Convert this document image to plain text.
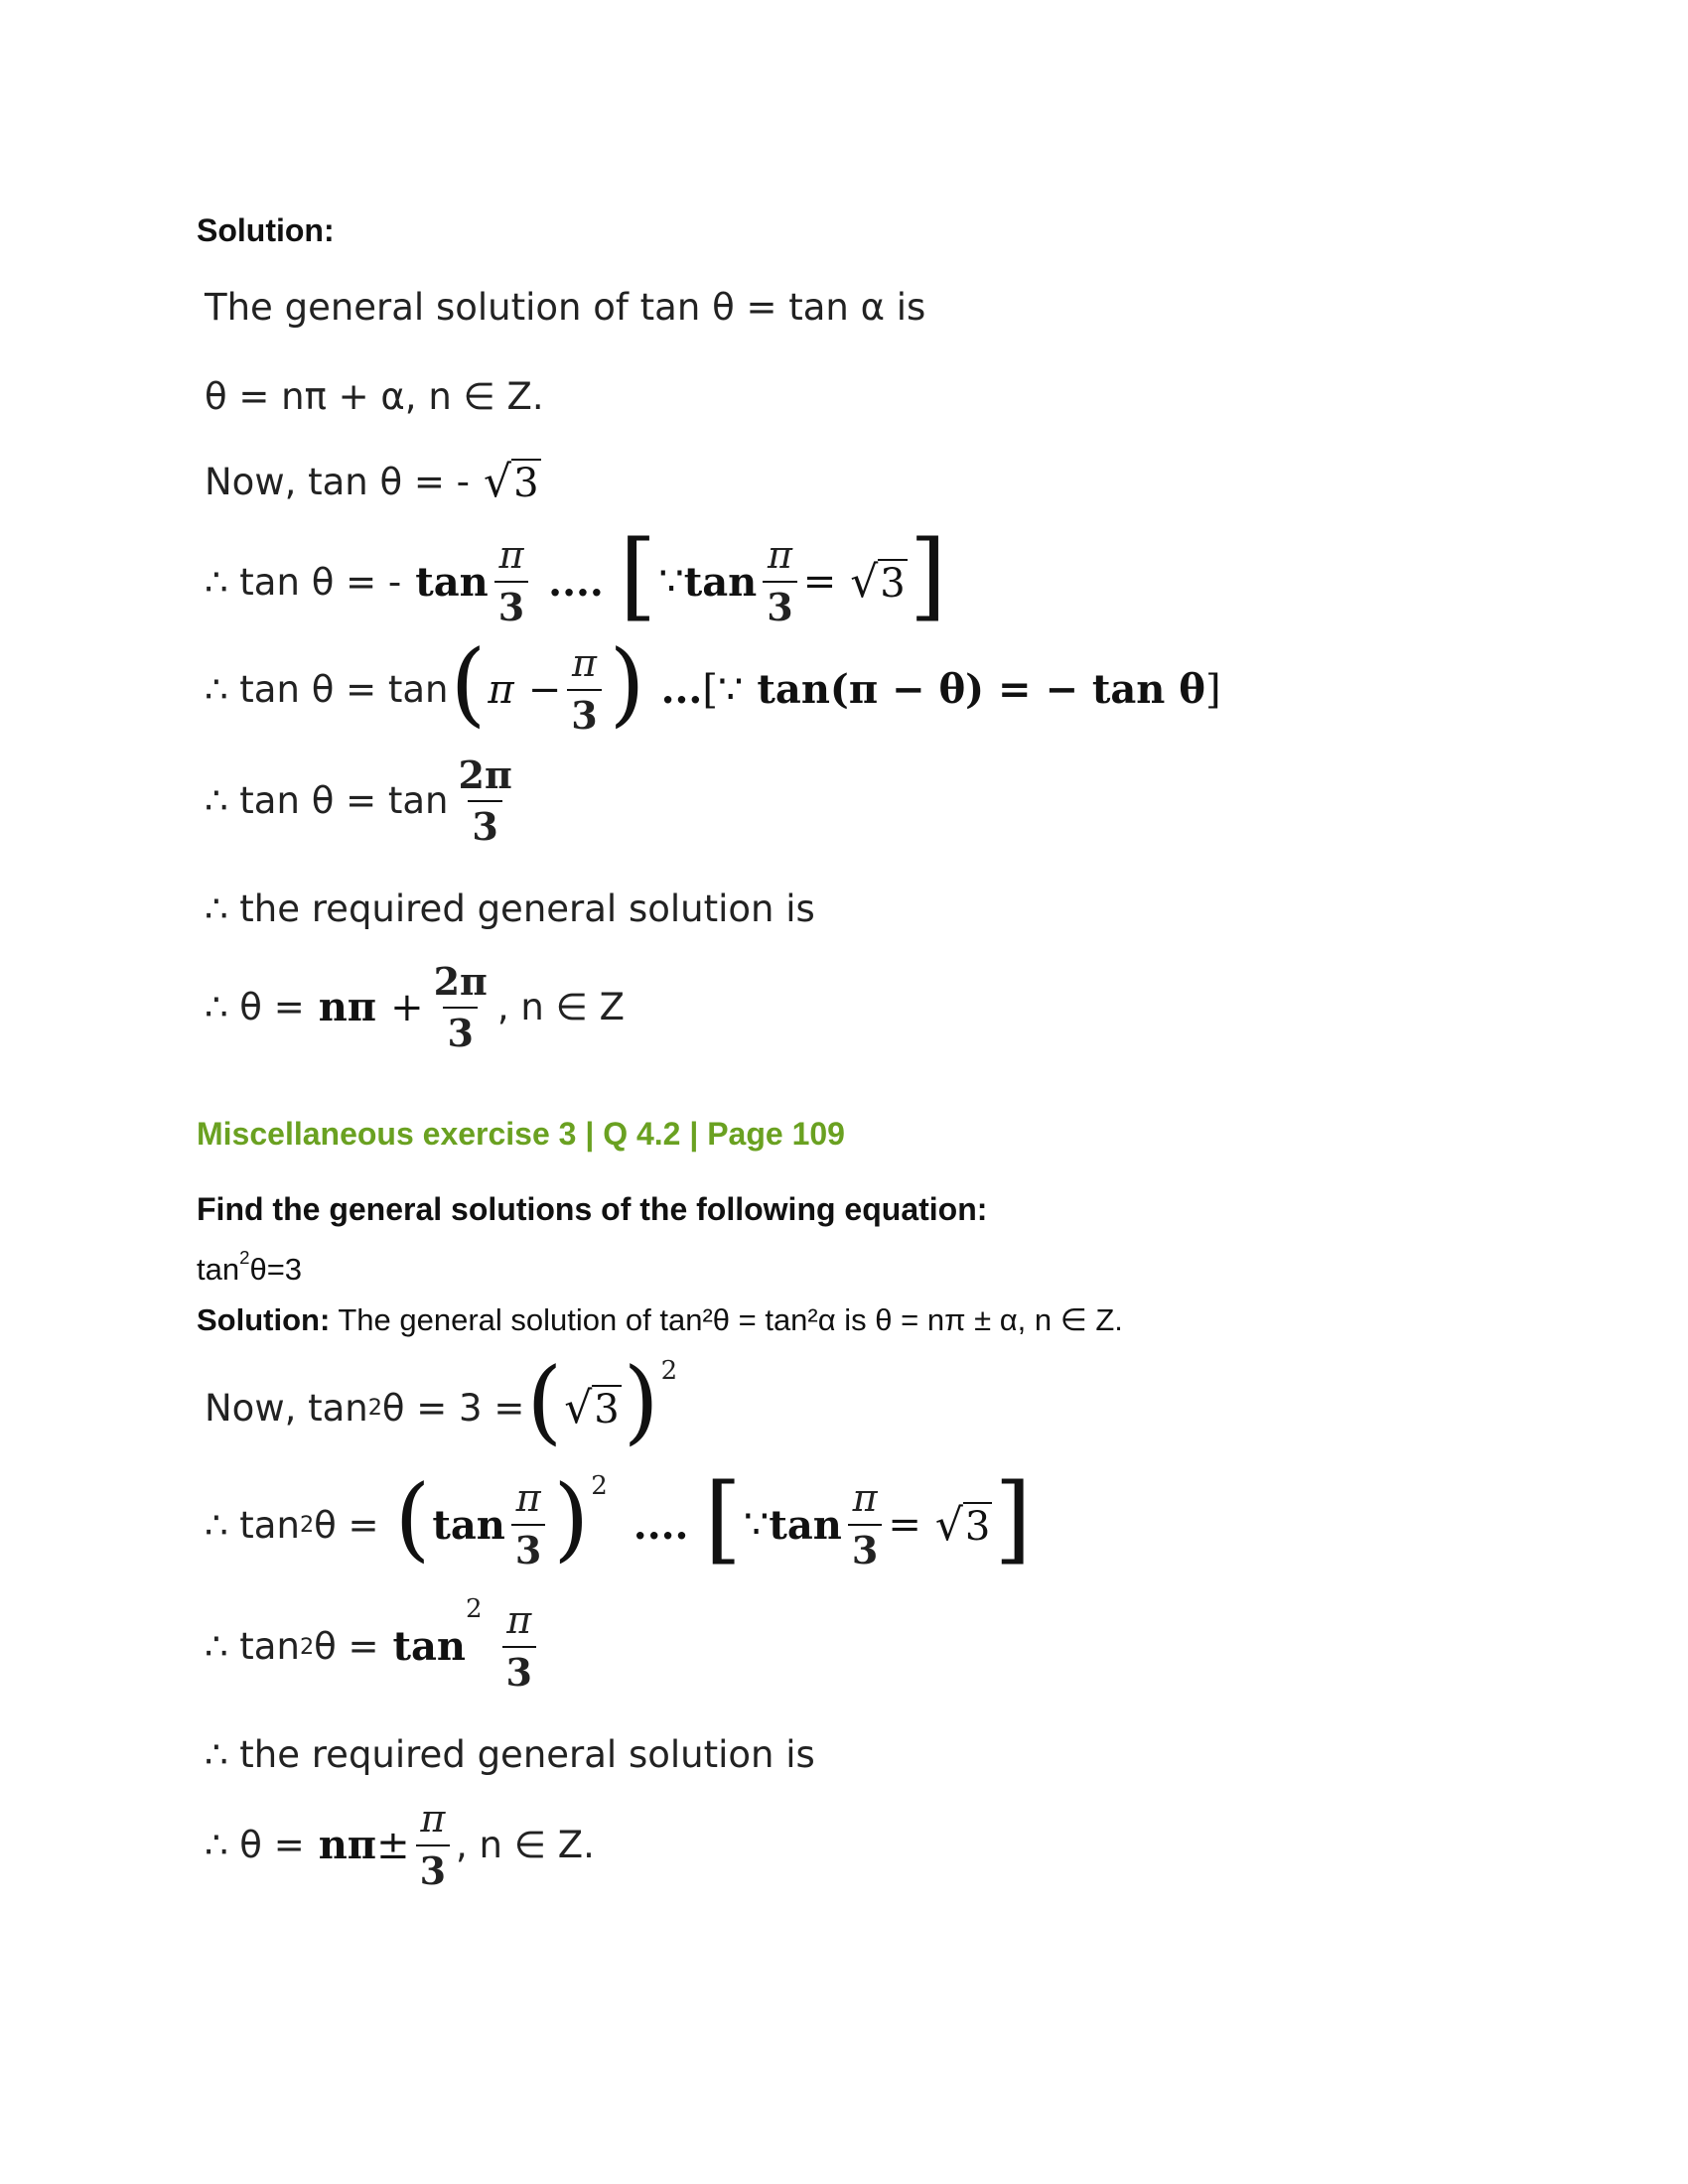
Solution:
The general solution of tan θ = tan α is
θ = nπ + α, n ∈ Z.
Now, tan θ = - √3
∴ tan θ = - $\tan \frac{\pi}{3}$ .... [ ∵ $\tan \frac{\pi}{3} = √3$ ]
∴ tan θ = tan ( $\pi - \frac{\pi}{3}$ ) ... [ ∵ tan(π − θ) = − tan θ ]
∴ $\tan \theta = \tan \frac{2\pi}{3}$
∴ the required general solution is
∴ $\theta = n\pi + \frac{2\pi}{3}$ , n ∈ Z
Miscellaneous exercise 3 | Q 4.2 | Page 109
Find the general solutions of the following equation:
$\tan^2\theta=3$
Solution: The general solution of tan²θ = tan²α is θ = nπ ± α, n ∈ Z.
Now, tan 2 θ = 3 = ( √3 ) 2
∴ tan 2 θ = ( $\tan \frac{\pi}{3}$ ) 2
.... [ ∵ $\tan \frac{\pi}{3} = √3$ ]
∴ tan 2 θ = tan
$2 \frac{\pi}{3}$
∴ the required general solution is
∴ $\theta = n\pi \pm \frac{\pi}{3}$ , n ∈ Z.
